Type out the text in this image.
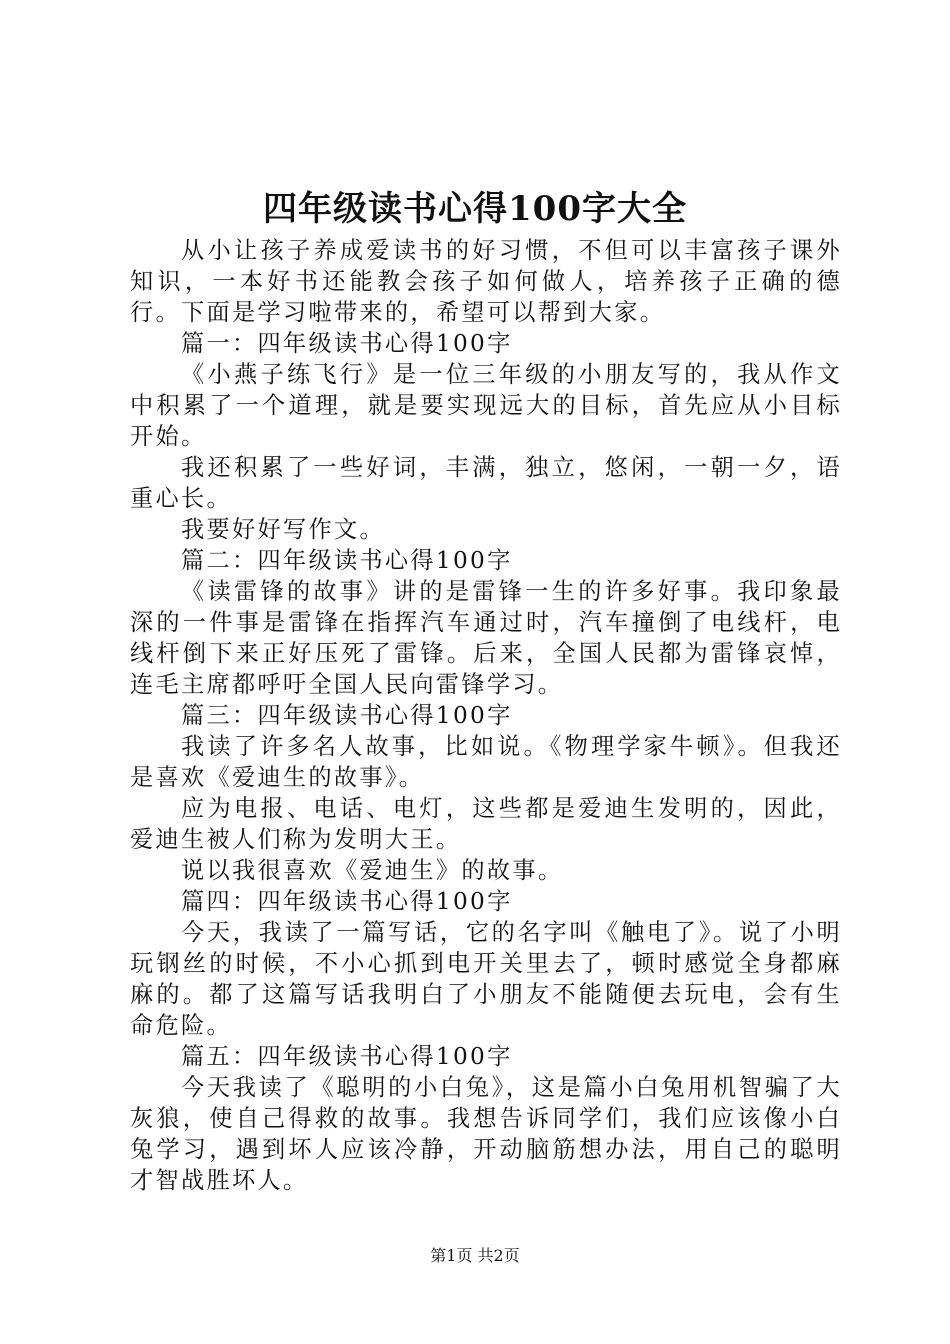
四年级读书心得100字大全

从小让孩子养成爱读书的好习惯，不但可以丰富孩子课外知识，一本好书还能教会孩子如何做人，培养孩子正确的德行。下面是学习啦带来的，希望可以帮到大家。

篇一：四年级读书心得100字

《小燕子练飞行》是一位三年级的小朋友写的，我从作文中积累了一个道理，就是要实现远大的目标，首先应从小目标开始。

我还积累了一些好词，丰满，独立，悠闲，一朝一夕，语重心长。

我要好好写作文。

篇二：四年级读书心得100字

《读雷锋的故事》讲的是雷锋一生的许多好事。我印象最深的一件事是雷锋在指挥汽车通过时，汽车撞倒了电线杆，电线杆倒下来正好压死了雷锋。后来，全国人民都为雷锋哀悼，连毛主席都呼吁全国人民向雷锋学习。

篇三：四年级读书心得100字

我读了许多名人故事，比如说。《物理学家牛顿》。但我还是喜欢《爱迪生的故事》。

应为电报、电话、电灯，这些都是爱迪生发明的，因此，爱迪生被人们称为发明大王。

说以我很喜欢《爱迪生》的故事。

篇四：四年级读书心得100字

今天，我读了一篇写话，它的名字叫《触电了》。说了小明玩钢丝的时候，不小心抓到电开关里去了，顿时感觉全身都麻麻的。都了这篇写话我明白了小朋友不能随便去玩电，会有生命危险。

篇五：四年级读书心得100字

今天我读了《聪明的小白兔》，这是篇小白兔用机智骗了大灰狼，使自己得救的故事。我想告诉同学们，我们应该像小白兔学习，遇到坏人应该冷静，开动脑筋想办法，用自己的聪明才智战胜坏人。

第1页 共2页
